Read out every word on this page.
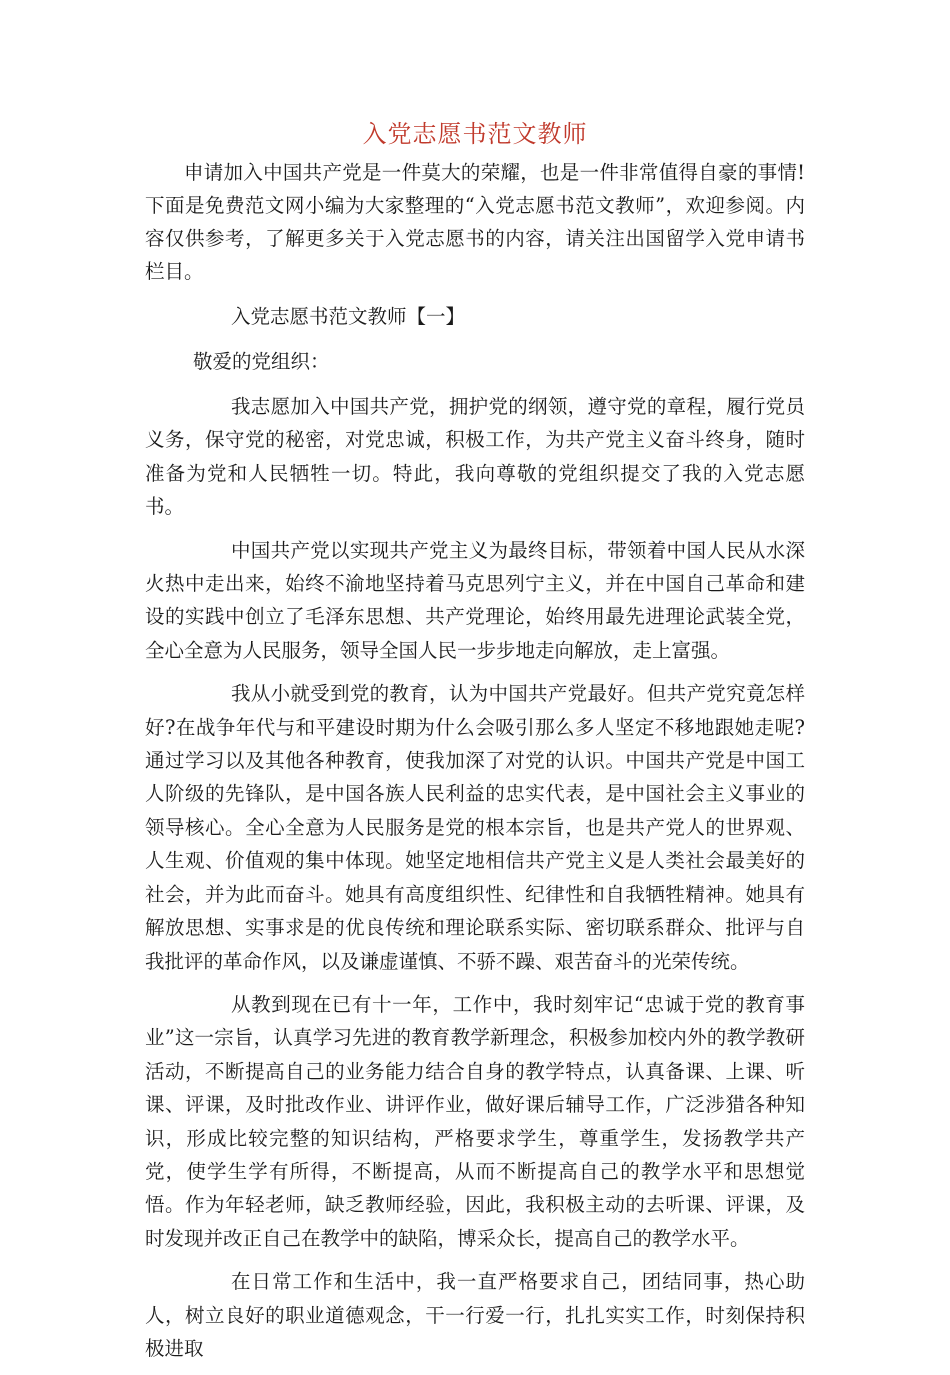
入党志愿书范文教师

申请加入中国共产党是一件莫大的荣耀，也是一件非常值得自豪的事情!下面是免费范文网小编为大家整理的“入党志愿书范文教师”，欢迎参阅。内容仅供参考，了解更多关于入党志愿书的内容，请关注出国留学入党申请书栏目。

入党志愿书范文教师【一】

敬爱的党组织：

我志愿加入中国共产党，拥护党的纲领，遵守党的章程，履行党员义务，保守党的秘密，对党忠诚，积极工作，为共产党主义奋斗终身，随时准备为党和人民牺牲一切。特此，我向尊敬的党组织提交了我的入党志愿书。

中国共产党以实现共产党主义为最终目标，带领着中国人民从水深火热中走出来，始终不渝地坚持着马克思列宁主义，并在中国自己革命和建设的实践中创立了毛泽东思想、共产党理论，始终用最先进理论武装全党，全心全意为人民服务，领导全国人民一步步地走向解放，走上富强。

我从小就受到党的教育，认为中国共产党最好。但共产党究竟怎样好?在战争年代与和平建设时期为什么会吸引那么多人坚定不移地跟她走呢?通过学习以及其他各种教育，使我加深了对党的认识。中国共产党是中国工人阶级的先锋队，是中国各族人民利益的忠实代表，是中国社会主义事业的领导核心。全心全意为人民服务是党的根本宗旨，也是共产党人的世界观、人生观、价值观的集中体现。她坚定地相信共产党主义是人类社会最美好的社会，并为此而奋斗。她具有高度组织性、纪律性和自我牺牲精神。她具有解放思想、实事求是的优良传统和理论联系实际、密切联系群众、批评与自我批评的革命作风，以及谦虚谨慎、不骄不躁、艰苦奋斗的光荣传统。

从教到现在已有十一年，工作中，我时刻牢记“忠诚于党的教育事业”这一宗旨，认真学习先进的教育教学新理念，积极参加校内外的教学教研活动，不断提高自己的业务能力结合自身的教学特点，认真备课、上课、听课、评课，及时批改作业、讲评作业，做好课后辅导工作，广泛涉猎各种知识，形成比较完整的知识结构，严格要求学生，尊重学生，发扬教学共产党，使学生学有所得，不断提高，从而不断提高自己的教学水平和思想觉悟。作为年轻老师，缺乏教师经验，因此，我积极主动的去听课、评课，及时发现并改正自己在教学中的缺陷，博采众长，提高自己的教学水平。

在日常工作和生活中，我一直严格要求自己，团结同事，热心助人，树立良好的职业道德观念，干一行爱一行，扎扎实实工作，时刻保持积极进取
